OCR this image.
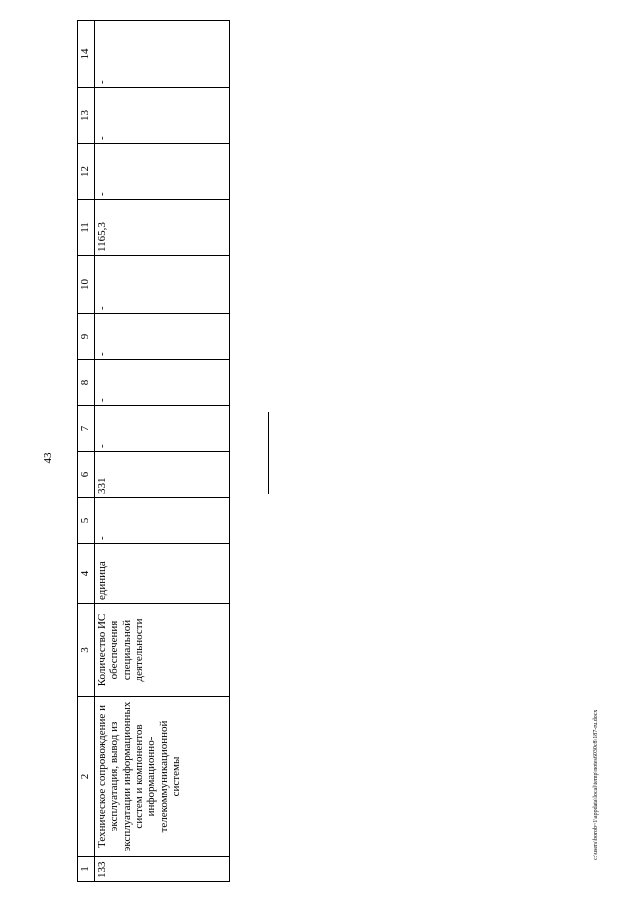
43
1	2	3	4	5	6	7	8	9	10	11	12	13	14
133	Техническое сопровождение и эксплуатация, вывод из эксплуатации информационных систем и компонентов информационно-телекоммуникационной системы	Количество ИС обеспечения специальной деятельности	единица	-	331	-	-	-	-	1165,3	-	-	-
c:\users\borob~1\appdata\local\temp\notes6030c8\187-ru.docx
